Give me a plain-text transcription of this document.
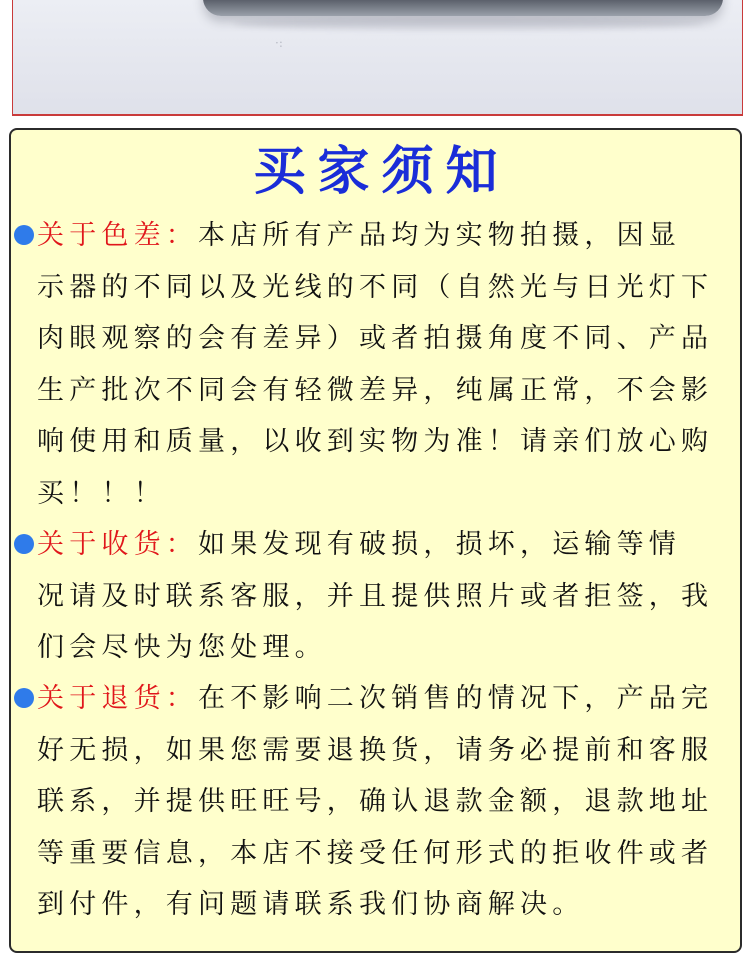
·:
买家须知
关于色差：本店所有产品均为实物拍摄，因显
示器的不同以及光线的不同（自然光与日光灯下
肉眼观察的会有差异）或者拍摄角度不同、产品
生产批次不同会有轻微差异，纯属正常，不会影
响使用和质量，以收到实物为准！请亲们放心购
买！！！
关于收货：如果发现有破损，损坏，运输等情
况请及时联系客服，并且提供照片或者拒签，我
们会尽快为您处理。
关于退货：在不影响二次销售的情况下，产品完
好无损，如果您需要退换货，请务必提前和客服
联系，并提供旺旺号，确认退款金额，退款地址
等重要信息，本店不接受任何形式的拒收件或者
到付件，有问题请联系我们协商解决。
